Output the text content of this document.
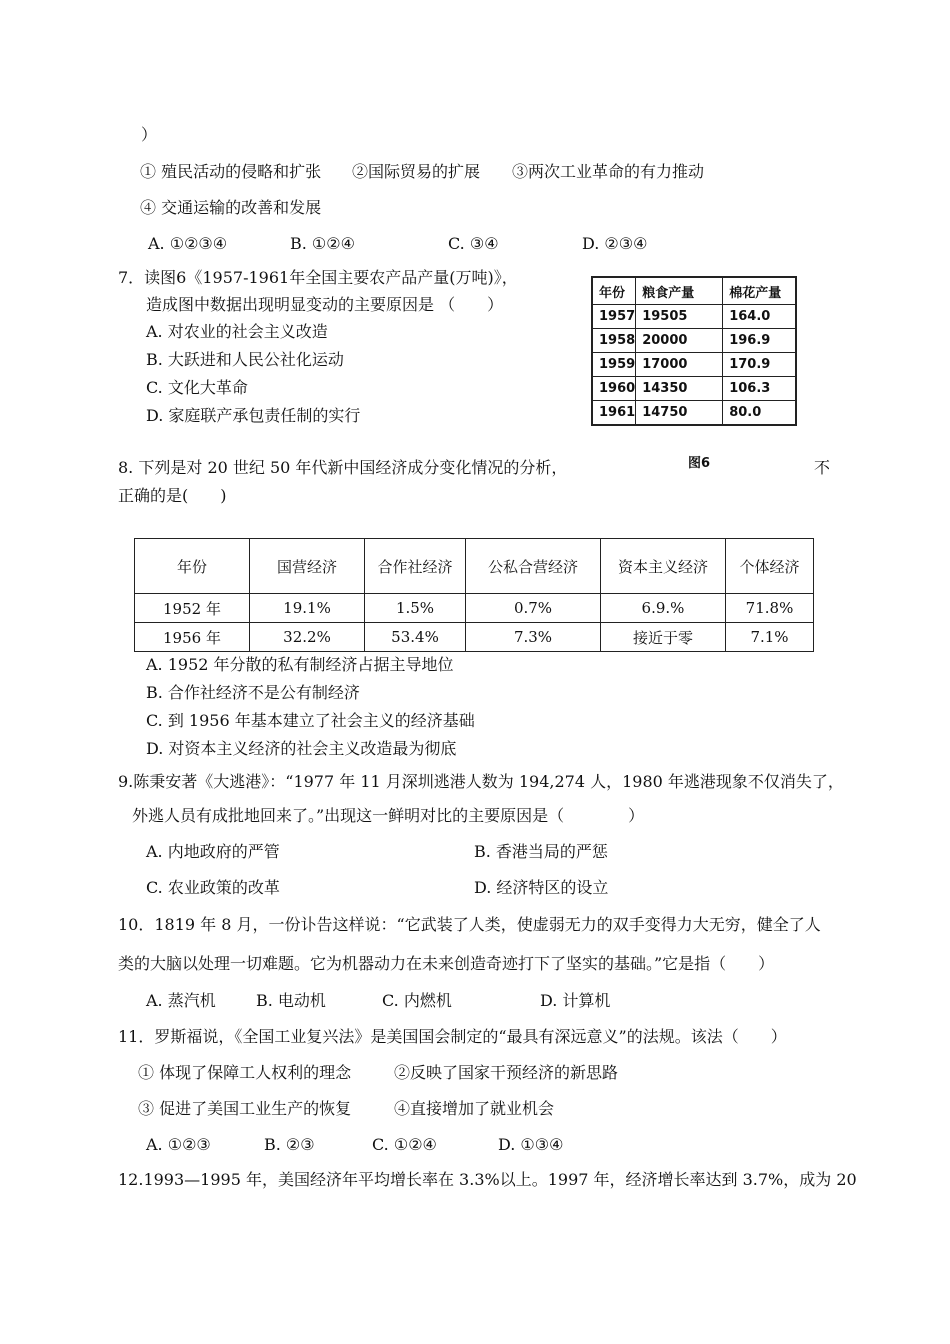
）
① 殖民活动的侵略和扩张 ②国际贸易的扩展 ③两次工业革命的有力推动
④ 交通运输的改善和发展
A. ①②③④	B. ①②④	C. ③④	D. ②③④
7．读图6《1957-1961年全国主要农产品产量(万吨)》，
造成图中数据出现明显变动的主要原因是 （　　）
A. 对农业的社会主义改造
B. 大跃进和人民公社化运动
C. 文化大革命
D. 家庭联产承包责任制的实行
年份	粮食产量	棉花产量
1957	19505	164.0
1958	20000	196.9
1959	17000	170.9
1960	14350	106.3
1961	14750	80.0
图6
8. 下列是对 20 世纪 50 年代新中国经济成分变化情况的分析，	不
正确的是(　　)
年份	国营经济	合作社经济	公私合营经济	资本主义经济	个体经济
1952 年	19.1%	1.5%	0.7%	6.9.%	71.8%
1956 年	32.2%	53.4%	7.3%	接近于零	7.1%
A. 1952 年分散的私有制经济占据主导地位
B. 合作社经济不是公有制经济
C. 到 1956 年基本建立了社会主义的经济基础
D. 对资本主义经济的社会主义改造最为彻底
9.陈秉安著《大逃港》：“1977 年 11 月深圳逃港人数为 194,274 人，1980 年逃港现象不仅消失了，
外逃人员有成批地回来了。”出现这一鲜明对比的主要原因是（　　　　）
A. 内地政府的严管	B. 香港当局的严惩
C. 农业政策的改革	D. 经济特区的设立
10．1819 年 8 月，一份讣告这样说：“它武装了人类，使虚弱无力的双手变得力大无穷，健全了人
类的大脑以处理一切难题。它为机器动力在未来创造奇迹打下了坚实的基础。”它是指（　　）
A. 蒸汽机	B. 电动机	C. 内燃机	D. 计算机
11．罗斯福说，《全国工业复兴法》是美国国会制定的“最具有深远意义”的法规。该法（　　）
① 体现了保障工人权利的理念	②反映了国家干预经济的新思路
③ 促进了美国工业生产的恢复	④直接增加了就业机会
A. ①②③	B. ②③	C. ①②④	D. ①③④
12.1993—1995 年，美国经济年平均增长率在 3.3%以上。1997 年，经济增长率达到 3.7%，成为 20
